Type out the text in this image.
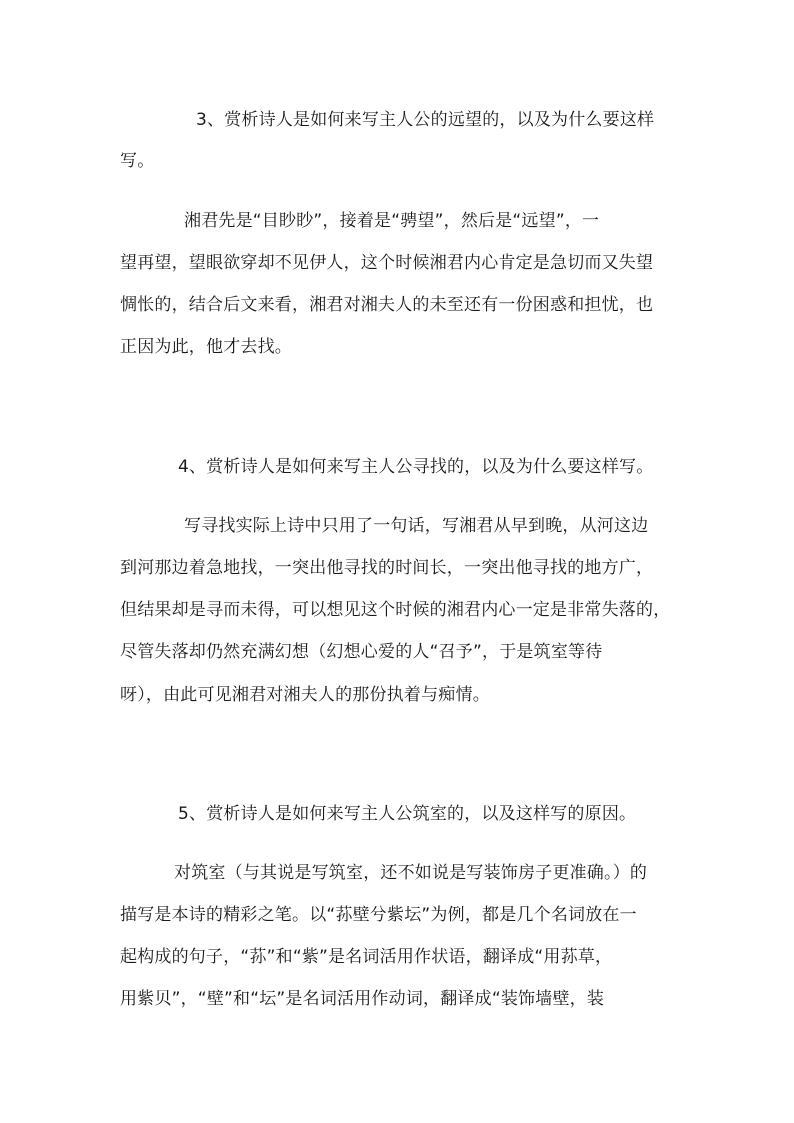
3、赏析诗人是如何来写主人公的远望的，以及为什么要这样
写。
湘君先是“目眇眇”，接着是“骋望”，然后是“远望”，一
望再望，望眼欲穿却不见伊人，这个时候湘君内心肯定是急切而又失望
惆怅的，结合后文来看，湘君对湘夫人的未至还有一份困惑和担忧，也
正因为此，他才去找。
4、赏析诗人是如何来写主人公寻找的，以及为什么要这样写。
写寻找实际上诗中只用了一句话，写湘君从早到晚，从河这边
到河那边着急地找，一突出他寻找的时间长，一突出他寻找的地方广，
但结果却是寻而未得，可以想见这个时候的湘君内心一定是非常失落的，
尽管失落却仍然充满幻想（幻想心爱的人“召予”，于是筑室等待
呀），由此可见湘君对湘夫人的那份执着与痴情。
5、赏析诗人是如何来写主人公筑室的，以及这样写的原因。
对筑室（与其说是写筑室，还不如说是写装饰房子更准确。）的
描写是本诗的精彩之笔。以“荪壁兮紫坛”为例，都是几个名词放在一
起构成的句子，“荪”和“紫”是名词活用作状语，翻译成“用荪草，
用紫贝”，“壁”和“坛”是名词活用作动词，翻译成“装饰墙壁，装
